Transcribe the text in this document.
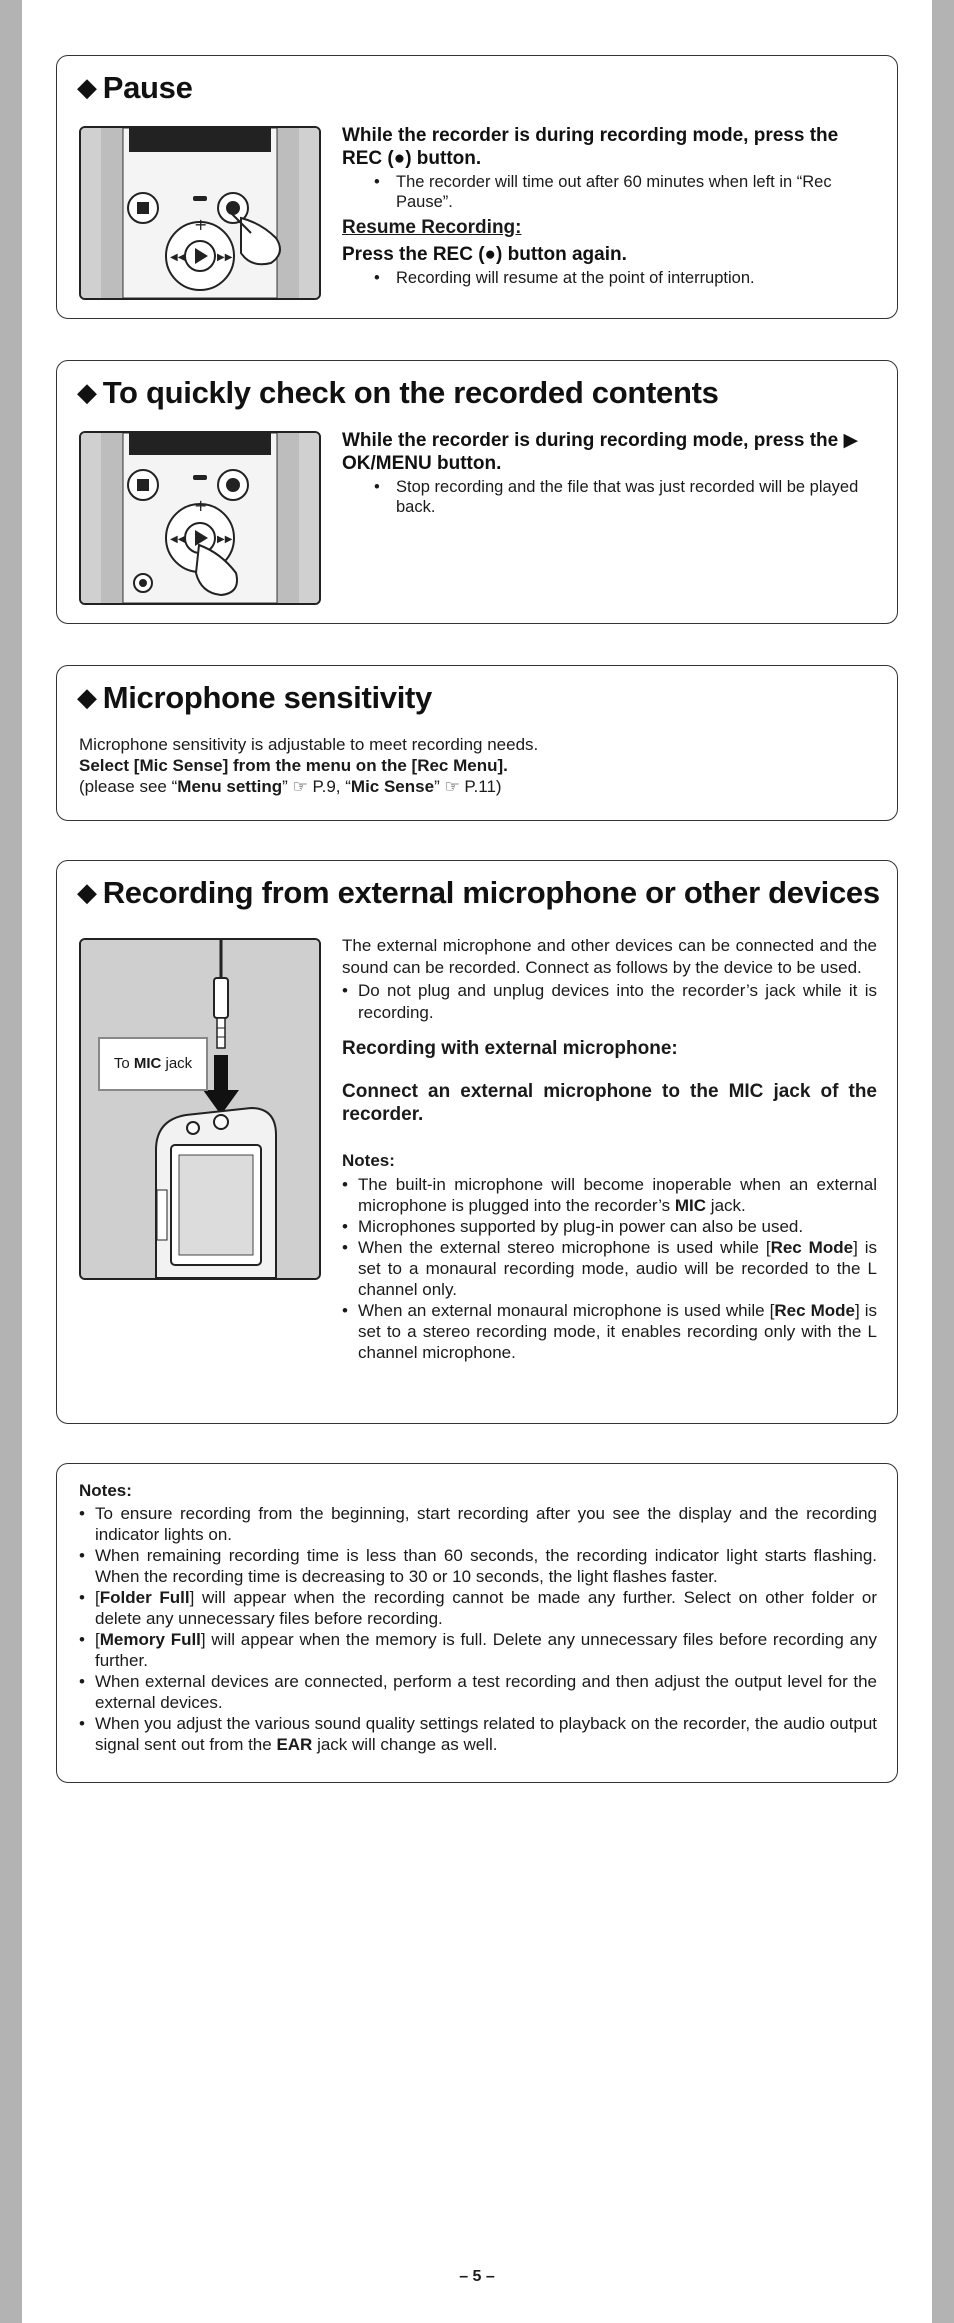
◆ Pause
+
◀◀	▶▶
While the recorder is during recording mode, press the REC (●) button.
• The recorder will time out after 60 minutes when left in “Rec Pause”.
Resume Recording:
Press the REC (●) button again.
• Recording will resume at the point of interruption.
◆ To quickly check on the recorded contents
+
◀◀	▶▶
While the recorder is during recording mode, press the ▶ OK/MENU button.
• Stop recording and the file that was just recorded will be played back.
◆ Microphone sensitivity
Microphone sensitivity is adjustable to meet recording needs.
Select [Mic Sense] from the menu on the [Rec Menu].
(please see “Menu setting” ☞ P.9, “Mic Sense” ☞ P.11)
◆ Recording from external microphone or other devices
To MIC jack
The external microphone and other devices can be connected and the sound can be recorded. Connect as follows by the device to be used.
• Do not plug and unplug devices into the recorder’s jack while it is recording.
Recording with external microphone:
Connect an external microphone to the MIC jack of the recorder.
Notes:
• The built-in microphone will become inoperable when an external microphone is plugged into the recorder’s MIC jack.
• Microphones supported by plug-in power can also be used.
• When the external stereo microphone is used while [Rec Mode] is set to a monaural recording mode, audio will be recorded to the L channel only.
• When an external monaural microphone is used while [Rec Mode] is set to a stereo recording mode, it enables recording only with the L channel microphone.
Notes:
• To ensure recording from the beginning, start recording after you see the display and the recording indicator lights on.
• When remaining recording time is less than 60 seconds, the recording indicator light starts flashing. When the recording time is decreasing to 30 or 10 seconds, the light flashes faster.
• [Folder Full] will appear when the recording cannot be made any further. Select on other folder or delete any unnecessary files before recording.
• [Memory Full] will appear when the memory is full. Delete any unnecessary files before recording any further.
• When external devices are connected, perform a test recording and then adjust the output level for the external devices.
• When you adjust the various sound quality settings related to playback on the recorder, the audio output signal sent out from the EAR jack will change as well.
– 5 –
